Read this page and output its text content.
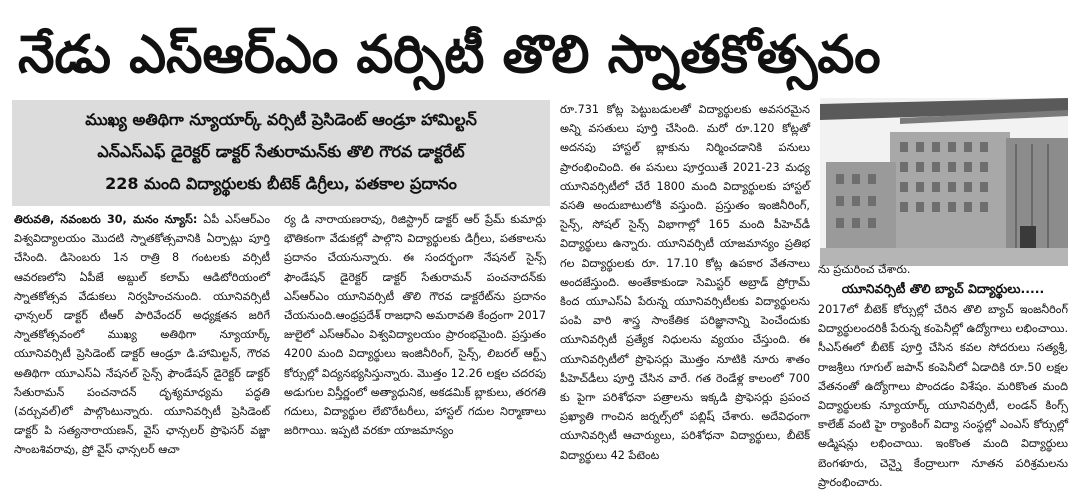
నేడు ఎస్ఆర్ఎం వర్సిటీ తొలి స్నాతకోత్సవం
ముఖ్య అతిథిగా న్యూయార్క్ వర్సిటీ ప్రెసిడెంట్ ఆండ్రూ హామిల్టన్
ఎన్ఎస్ఎఫ్ డైరెక్టర్ డాక్టర్ సేతురామన్‌కు తొలి గౌరవ డాక్టరేట్
228 మంది విద్యార్థులకు బీటెక్ డిగ్రీలు, పతకాల ప్రదానం
తిరువతి, నవంబరు 30, మనం న్యూస్: ఏపీ ఎస్ఆర్ఎం విశ్వవిద్యాలయం మొదటి స్నాతకోత్సవానికి ఏర్పాట్లు పూర్తి చేసింది. డిసెంబరు 1న రాత్రి 8 గంటలకు వర్సిటీ ఆవరణలోని ఏపీజే అబ్దుల్ కలామ్ ఆడిటోరియంలో స్నాతకోత్సవ వేడుకలు నిర్వహించనుంది. యూనివర్సిటీ ఛాన్సలర్ డాక్టర్ టీఆర్ పారివేందర్ అధ్యక్షతన జరిగే స్నాతకోత్సవంలో ముఖ్య అతిథిగా న్యూయార్క్ యూనివర్సిటీ ప్రెసిడెంట్ డాక్టర్ ఆండ్రూ డి.హామిల్టన్, గౌరవ అతిథిగా యూఎస్ఏ నేషనల్ సైన్స్ ఫౌండేషన్ డైరెక్టర్ డాక్టర్ సేతురామన్ పంచనాదన్ దృశ్యమాధ్యమ పద్ధతి (వర్చువల్)లో పాల్గొంటున్నారు. యూనివర్సిటీ ప్రెసిడెంట్ డాక్టర్ పి సత్యనారాయణన్, వైస్ ఛాన్సలర్ ప్రొఫెసర్ వజ్జా సాంబశివరావు, ప్రో వైస్ ఛాన్సలర్ ఆచా
ర్య డి నారాయణరావు, రిజిస్ట్రార్ డాక్టర్ ఆర్ ప్రేమ్ కుమార్లు భౌతికంగా వేడుకల్లో పాల్గొని విద్యార్థులకు డిగ్రీలు, పతకాలను ప్రదానం చేయనున్నారు. ఈ సందర్భంగా నేషనల్ సైన్స్ ఫౌండేషన్ డైరెక్టర్ డాక్టర్ సేతురామన్ పంచనాదన్‌కు ఎస్ఆర్ఎం యూనివర్సిటీ తొలి గౌరవ డాక్టరేట్‌ను ప్రదానం చేయనుంది.ఆంధ్రప్రదేశ్ రాజధాని అమరావతి కేంద్రంగా 2017 జులైలో ఎస్ఆర్ఎం విశ్వవిద్యాలయం ప్రారంభమైంది. ప్రస్తుతం 4200 మంది విద్యార్థులు ఇంజినీరింగ్, సైన్స్, లిబరల్ ఆర్ట్స్ కోర్సుల్లో విద్యనభ్యసిస్తున్నారు. మొత్తం 12.26 లక్షల చదరపు అడుగుల విస్తీర్ణంలో అత్యాధునిక, అకడమిక్ బ్లాకులు, తరగతి గదులు, విద్యార్థుల లేబొరేటరీలు, హాస్టల్ గదుల నిర్మాణాలు జరిగాయి. ఇప్పటి వరకూ యాజమాన్యం
రూ.731 కోట్ల పెట్టుబడులతో విద్యార్థులకు అవసరమైన అన్ని వసతులు పూర్తి చేసింది. మరో రూ.120 కోట్లతో అదనపు హాస్టల్ బ్లాకును నిర్మించడానికి పనులు ప్రారంభించింది. ఈ పనులు పూర్తయితే 2021-23 మధ్య యూనివర్సిటీలో చేరే 1800 మంది విద్యార్థులకు హాస్టల్ వసతి అందుబాటులోకి వస్తుంది. ప్రస్తుతం ఇంజినీరింగ్, సైన్స్, సోషల్ సైన్స్ విభాగాల్లో 165 మంది పీహెచ్‌డీ విద్యార్థులు ఉన్నారు. యూనివర్సిటీ యాజమాన్యం ప్రతిభ గల విద్యార్థులకు రూ. 17.10 కోట్ల ఉపకార వేతనాలు అందజేస్తుంది. అంతేకాకుండా సెమిస్టర్ అబ్రాడ్ ప్రోగ్రామ్ కింద యూఎస్ఏ పేరున్న యూనివర్సిటీలకు విద్యార్థులను పంపి వారి శాస్త్ర సాంకేతిక పరిజ్ఞానాన్ని పెంచేందుకు యూనివర్సిటీ ప్రత్యేక నిధులను వ్యయం చేస్తుంది. ఈ యూనివర్సిటీలో ప్రొఫెసర్లు మొత్తం నూటికి నూరు శాతం పీహెచ్‌డీలు పూర్తి చేసిన వారే. గత రెండేళ్ల కాలంలో 700 కు పైగా పరిశోధనా పత్రాలను ఇక్కడి ప్రొఫెసర్లు ప్రపంచ ప్రఖ్యాతి గాంచిన జర్నల్స్‌లో పబ్లిష్ చేశారు. అదేవిధంగా యూనివర్సిటీ ఆచార్యులు, పరిశోధనా విద్యార్థులు, బీటెక్ విద్యార్థులు 42 పేటెంట
ను ప్రచురించ చేశారు.
యూనివర్సిటీ తొలి బ్యాచ్ విద్యార్థులు.....
2017లో బీటెక్ కోర్సుల్లో చేరిన తొలి బ్యాచ్ ఇంజనీరింగ్ విద్యార్థులందరికీ పేరున్న కంపెనీల్లో ఉద్యోగాలు లభించాయి. సీఎస్ఈలో బీటెక్ పూర్తి చేసిన కవల సోదరులు సత్యశ్రీ, రాజశ్రీలు గూగుల్ జపాన్ కంపెనీలో ఏడాదికి రూ.50 లక్షల వేతనంతో ఉద్యోగాలు పొందడం విశేషం. మరికొంత మంది విద్యార్థులకు న్యూయార్క్ యూనివర్సిటీ, లండన్ కింగ్స్ కాలేజ్ వంటి హై ర్యాంకింగ్ విద్యా సంస్థల్లో ఎంఎస్ కోర్సుల్లో అడ్మిషన్లు లభించాయి. ఇంకొంత మంది విద్యార్థులు బెంగళూరు, చెన్నై కేంద్రాలుగా నూతన పరిశ్రమలను ప్రారంభించారు.
